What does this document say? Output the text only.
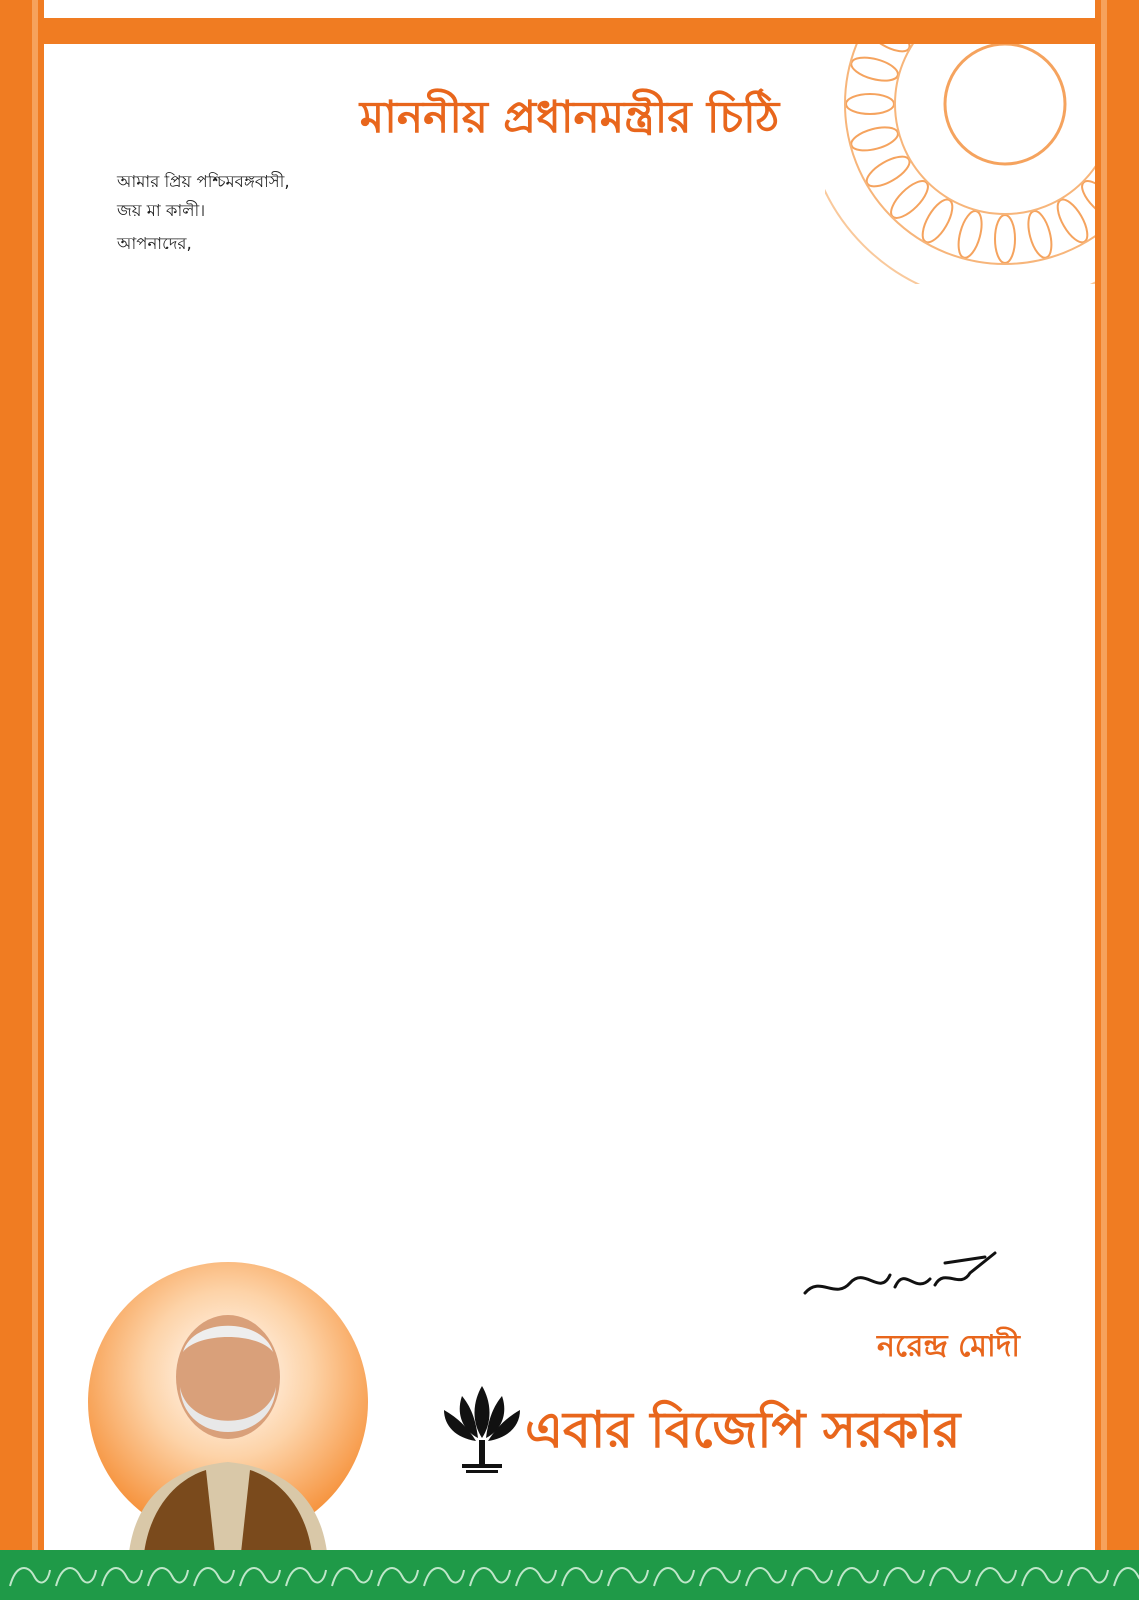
মাননীয় প্রধানমন্ত্রীর চিঠি

আমার প্রিয় পশ্চিমবঙ্গবাসী,

জয় মা কালী।

আপনাদের,

নরেন্দ্র মোদী
এবার বিজেপি সরকার
